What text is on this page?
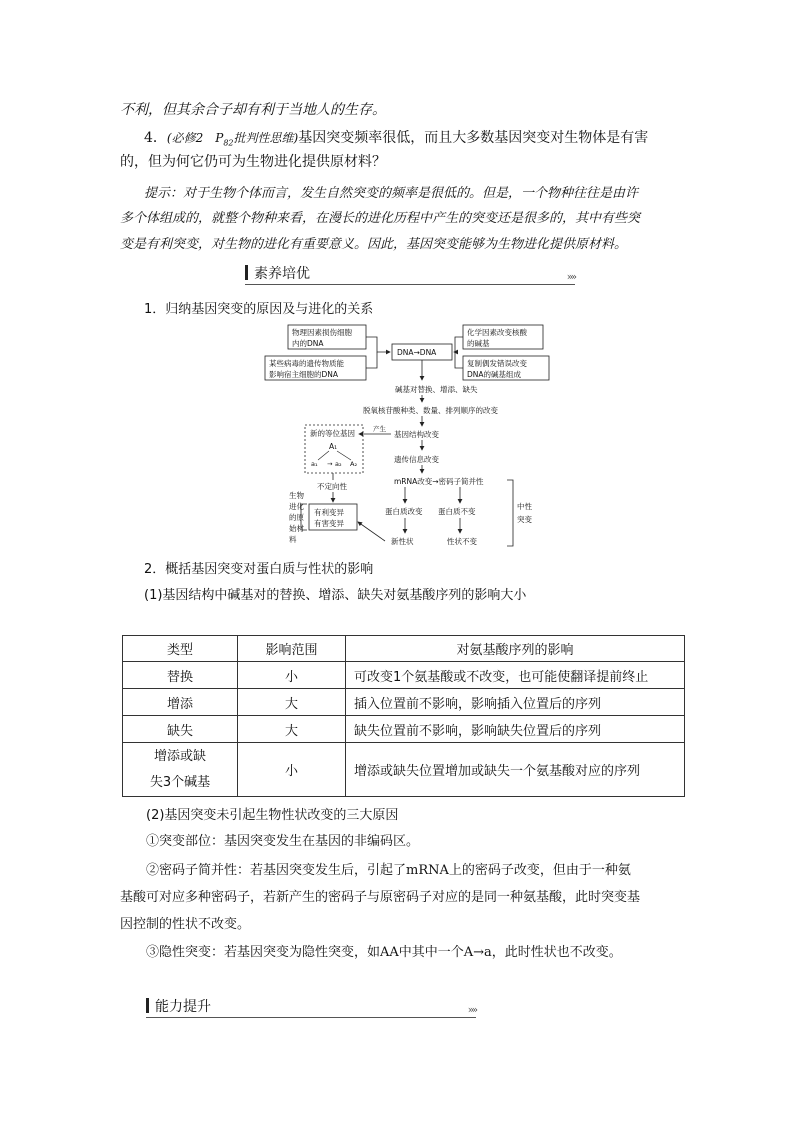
不利，但其余合子却有利于当地人的生存。
4．(必修2　$P_{82}$批判性思维)基因突变频率很低，而且大多数基因突变对生物体是有害
的，但为何它仍可为生物进化提供原材料？
提示：对于生物个体而言，发生自然突变的频率是很低的。但是，一个物种往往是由许
多个体组成的，就整个物种来看，在漫长的进化历程中产生的突变还是很多的，其中有些突
变是有利突变，对生物的进化有重要意义。因此，基因突变能够为生物进化提供原材料。
素养培优	»»
1．归纳基因突变的原因及与进化的关系
物理因素损伤细胞
内的DNA
某些病毒的遗传物质能
影响宿主细胞的DNA
化学因素改变核酸
的碱基
复制偶发错误改变
DNA的碱基组成
DNA→DNA
碱基对替换、增添、缺失
脱氧核苷酸种类、数量、排列顺序的改变
基因结构改变
产生
遗传信息改变
mRNA改变→密码子简并性
新的等位基因
A₁
a₁ → a₂ A₂
不定向性
蛋白质改变 蛋白质不变
新性状	性状不变
中性
突变
有利变异
有害变异
生物
进化
的原
始材
料
2．概括基因突变对蛋白质与性状的影响
(1)基因结构中碱基对的替换、增添、缺失对氨基酸序列的影响大小
类型	影响范围	对氨基酸序列的影响
替换	小	可改变1个氨基酸或不改变，也可能使翻译提前终止
增添	大	插入位置前不影响，影响插入位置后的序列
缺失	大	缺失位置前不影响，影响缺失位置后的序列

增添或缺
失3个碱基	小	增添或缺失位置增加或缺失一个氨基酸对应的序列
(2)基因突变未引起生物性状改变的三大原因
①突变部位：基因突变发生在基因的非编码区。
②密码子简并性：若基因突变发生后，引起了mRNA上的密码子改变，但由于一种氨
基酸可对应多种密码子，若新产生的密码子与原密码子对应的是同一种氨基酸，此时突变基
因控制的性状不改变。
③隐性突变：若基因突变为隐性突变，如AA中其中一个A→a，此时性状也不改变。
能力提升	»»
